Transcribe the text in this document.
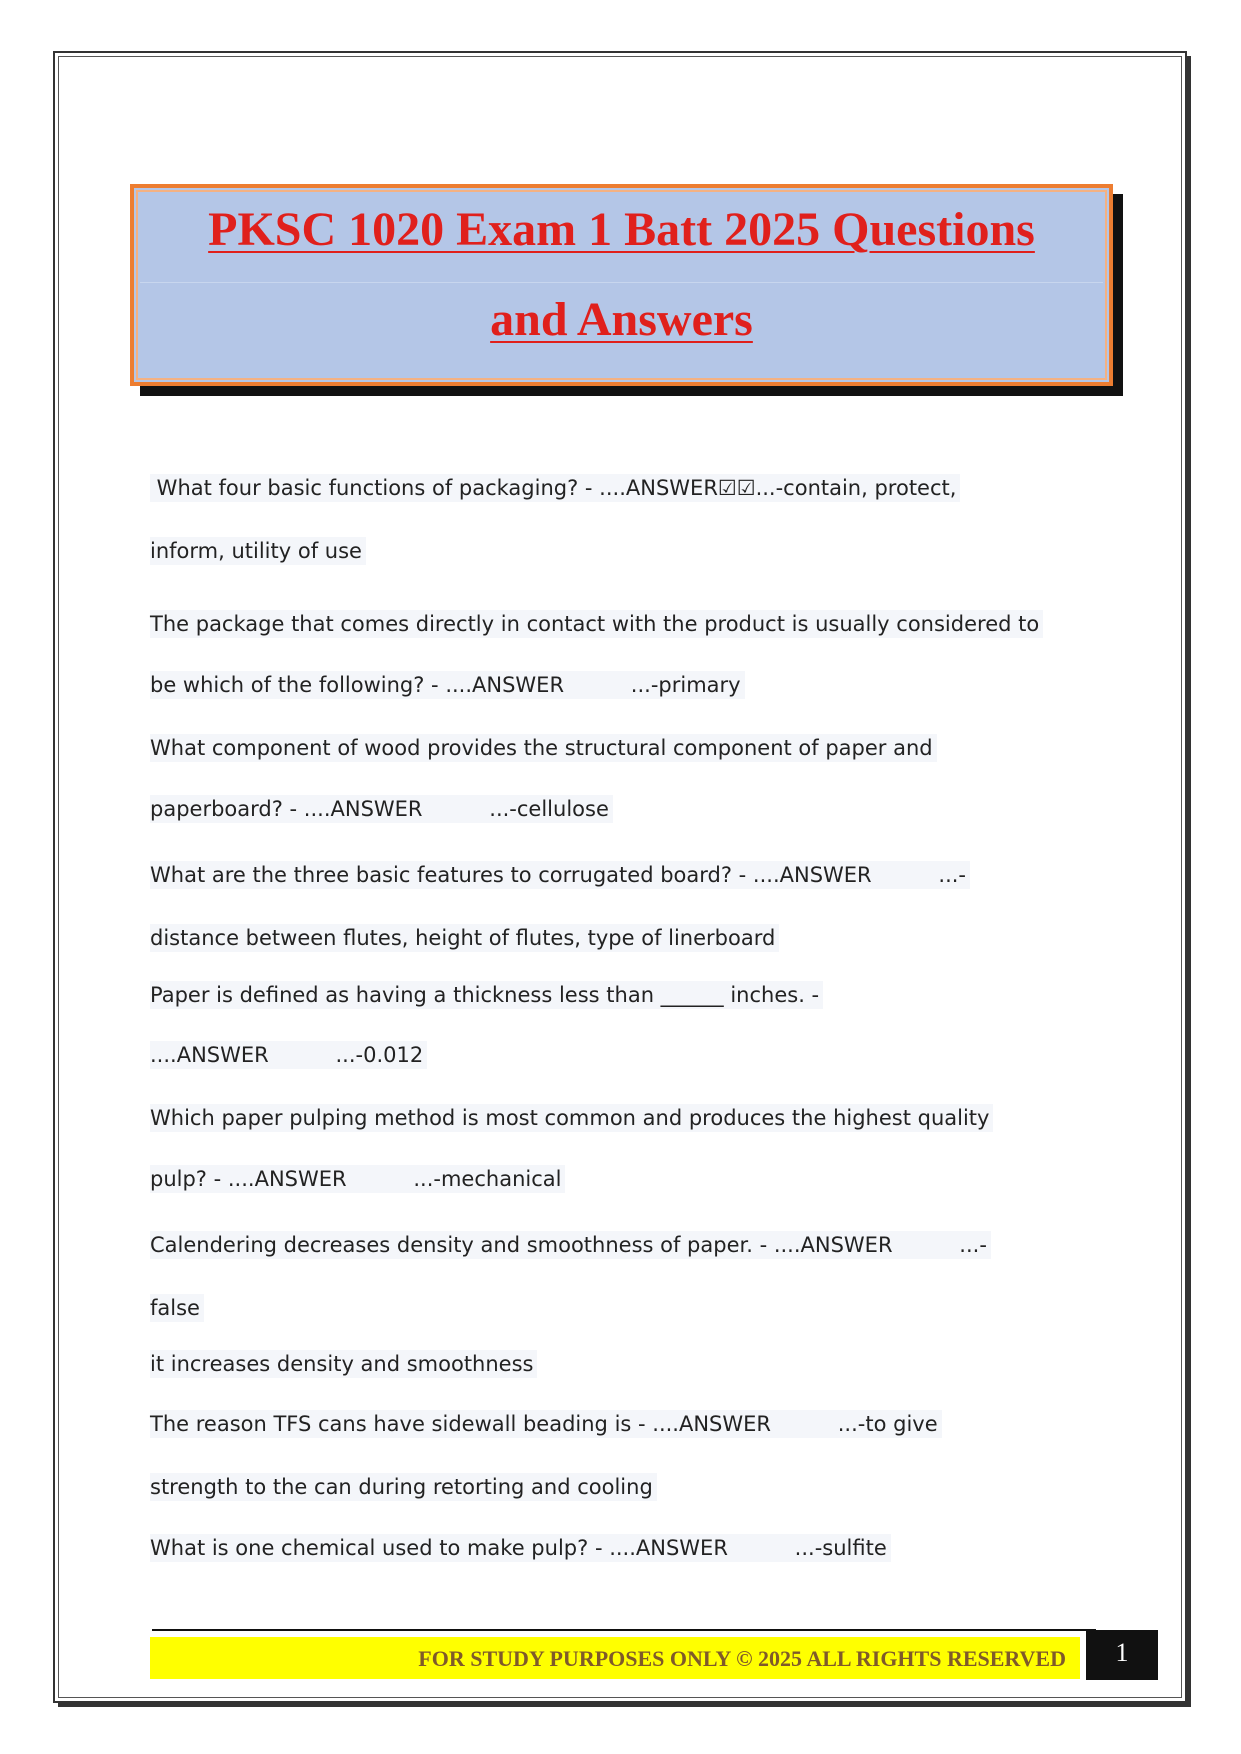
PKSC 1020 Exam 1 Batt 2025 Questions
and Answers
What four basic functions of packaging? - ....ANSWER☑☑...-contain, protect,
inform, utility of use
The package that comes directly in contact with the product is usually considered to
be which of the following? - ....ANSWER          ...-primary
What component of wood provides the structural component of paper and
paperboard? - ....ANSWER          ...-cellulose
What are the three basic features to corrugated board? - ....ANSWER          ...-
distance between flutes, height of flutes, type of linerboard
Paper is defined as having a thickness less than ______ inches. -
....ANSWER          ...-0.012
Which paper pulping method is most common and produces the highest quality
pulp? - ....ANSWER          ...-mechanical
Calendering decreases density and smoothness of paper. - ....ANSWER          ...-
false
it increases density and smoothness
The reason TFS cans have sidewall beading is - ....ANSWER          ...-to give
strength to the can during retorting and cooling
What is one chemical used to make pulp? - ....ANSWER          ...-sulfite
FOR STUDY PURPOSES ONLY © 2025 ALL RIGHTS RESERVED	1
